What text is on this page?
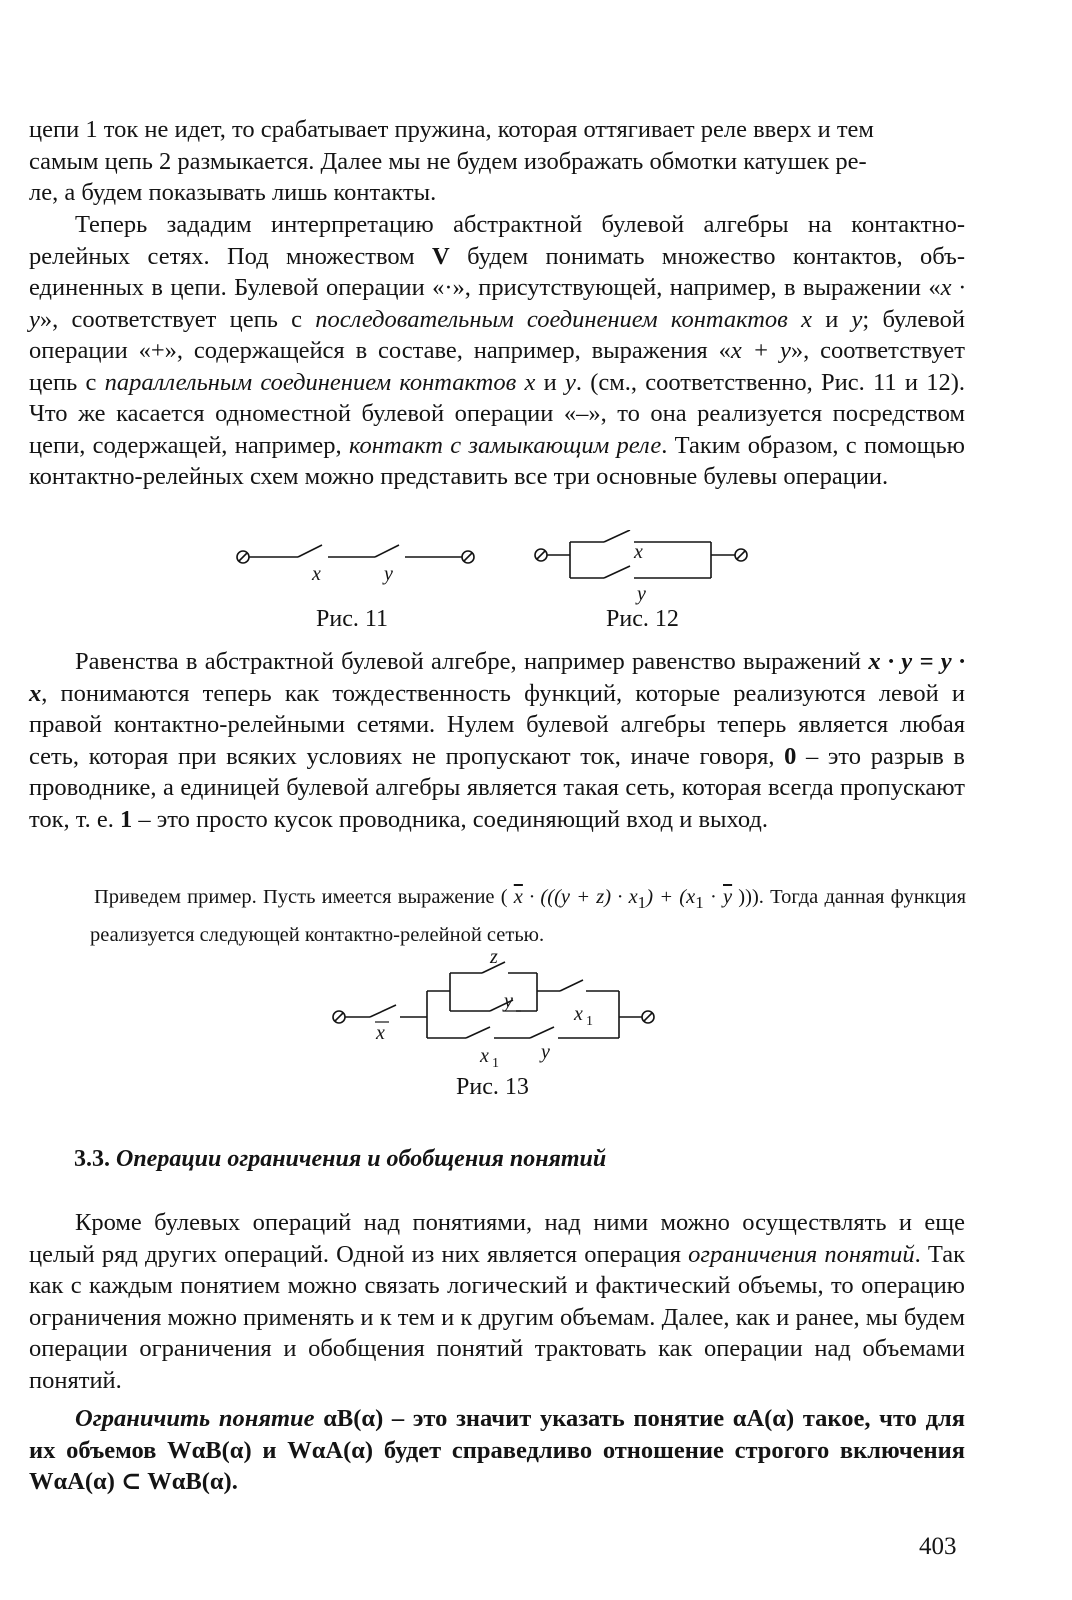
цепи 1 ток не идет, то срабатывает пружина, которая оттягивает реле вверх и тем
самым цепь 2 размыкается. Далее мы не будем изображать обмотки катушек ре-
ле, а будем показывать лишь контакты.

Теперь зададим интерпретацию абстрактной булевой алгебры на контактно-релейных сетях. Под множеством V будем понимать множество контактов, объединенных в цепи. Булевой операции «·», присутствующей, например, в выражении «x · y», соответствует цепь с последовательным соединением контактов x и y; булевой операции «+», содержащейся в составе, например, выражения «x + y», соответствует цепь с параллельным соединением контактов x и y. (см., соответственно, Рис. 11 и 12). Что же касается одноместной булевой операции «–», то она реализуется посредством цепи, содержащей, например, контакт с замыкающим реле. Таким образом, с помощью контактно-релейных схем можно представить все три основные булевы операции.

x	y
x
y
Рис. 11	Рис. 12

Равенства в абстрактной булевой алгебре, например равенство выражений x · y = y · x, понимаются теперь как тождественность функций, которые реализуются левой и правой контактно-релейными сетями. Нулем булевой алгебры теперь является любая сеть, которая при всяких условиях не пропускают ток, иначе говоря, 0 – это разрыв в проводнике, а единицей булевой алгебры является такая сеть, которая всегда пропускают ток, т. е. 1 – это просто кусок проводника, соединяющий вход и выход.

Приведем пример. Пусть имеется выражение ( $\overline{x} \cdot (((y + z) \cdot x_1) + (x_1 \cdot \overline{y}$ ))). Тогда данная функция реализуется следующей контактно-релейной сетью.

z
y
x 1
x
x 1
y
Рис. 13
3.3. Операции ограничения и обобщения понятий

Кроме булевых операций над понятиями, над ними можно осуществлять и еще целый ряд других операций. Одной из них является операция ограничения понятий. Так как с каждым понятием можно связать логический и фактический объемы, то операцию ограничения можно применять и к тем и к другим объемам. Далее, как и ранее, мы будем операции ограничения и обобщения понятий трактовать как операции над объемами понятий.

Ограничить понятие αB(α) – это значит указать понятие αA(α) такое, что для их объемов WαB(α) и WαA(α) будет справедливо отношение строгого включения WαA(α) ⊂ WαB(α).

403
